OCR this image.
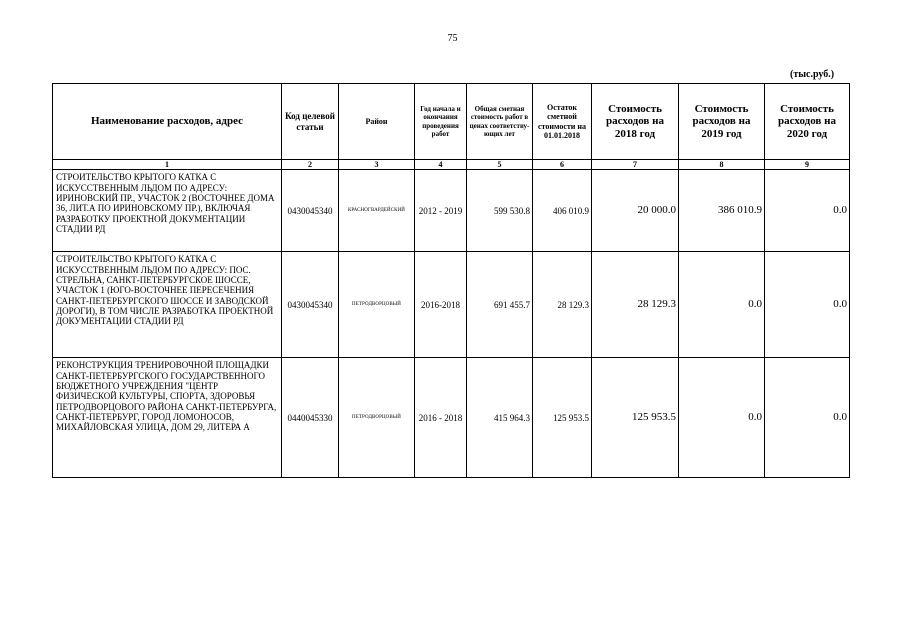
75
(тыс.руб.)
Наименование расходов, адрес	Код целевой статьи	Район	Год начала и окончания проведения работ	Общая сметная стоимость работ в ценах соответству-ющих лет	Остаток сметной стоимости на 01.01.2018	Стоимость расходов на 2018 год	Стоимость расходов на 2019 год	Стоимость расходов на 2020 год
1	2	3	4	5	6	7	8	9
СТРОИТЕЛЬСТВО КРЫТОГО КАТКА С ИСКУССТВЕННЫМ ЛЬДОМ ПО АДРЕСУ: ИРИНОВСКИЙ ПР., УЧАСТОК 2 (ВОСТОЧНЕЕ ДОМА 36, ЛИТ.А ПО ИРИНОВСКОМУ ПР.), ВКЛЮЧАЯ РАЗРАБОТКУ ПРОЕКТНОЙ ДОКУМЕНТАЦИИ СТАДИИ РД	0430045340	КРАСНОГВАРДЕЙСКИЙ	2012 - 2019	599 530.8	406 010.9	20 000.0	386 010.9	0.0
СТРОИТЕЛЬСТВО КРЫТОГО КАТКА С ИСКУССТВЕННЫМ ЛЬДОМ ПО АДРЕСУ: ПОС. СТРЕЛЬНА, САНКТ-ПЕТЕРБУРГСКОЕ ШОССЕ, УЧАСТОК 1 (ЮГО-ВОСТОЧНЕЕ ПЕРЕСЕЧЕНИЯ САНКТ-ПЕТЕРБУРГСКОГО ШОССЕ И ЗАВОДСКОЙ ДОРОГИ), В ТОМ ЧИСЛЕ РАЗРАБОТКА ПРОЕКТНОЙ ДОКУМЕНТАЦИИ СТАДИИ РД	0430045340	ПЕТРОДВОРЦОВЫЙ	2016-2018	691 455.7	28 129.3	28 129.3	0.0	0.0
РЕКОНСТРУКЦИЯ ТРЕНИРОВОЧНОЙ ПЛОЩАДКИ САНКТ-ПЕТЕРБУРГСКОГО ГОСУДАРСТВЕННОГО БЮДЖЕТНОГО УЧРЕЖДЕНИЯ "ЦЕНТР ФИЗИЧЕСКОЙ КУЛЬТУРЫ, СПОРТА, ЗДОРОВЬЯ ПЕТРОДВОРЦОВОГО РАЙОНА САНКТ-ПЕТЕРБУРГА, САНКТ-ПЕТЕРБУРГ, ГОРОД ЛОМОНОСОВ, МИХАЙЛОВСКАЯ УЛИЦА, ДОМ 29, ЛИТЕРА А	0440045330	ПЕТРОДВОРЦОВЫЙ	2016 - 2018	415 964.3	125 953.5	125 953.5	0.0	0.0
